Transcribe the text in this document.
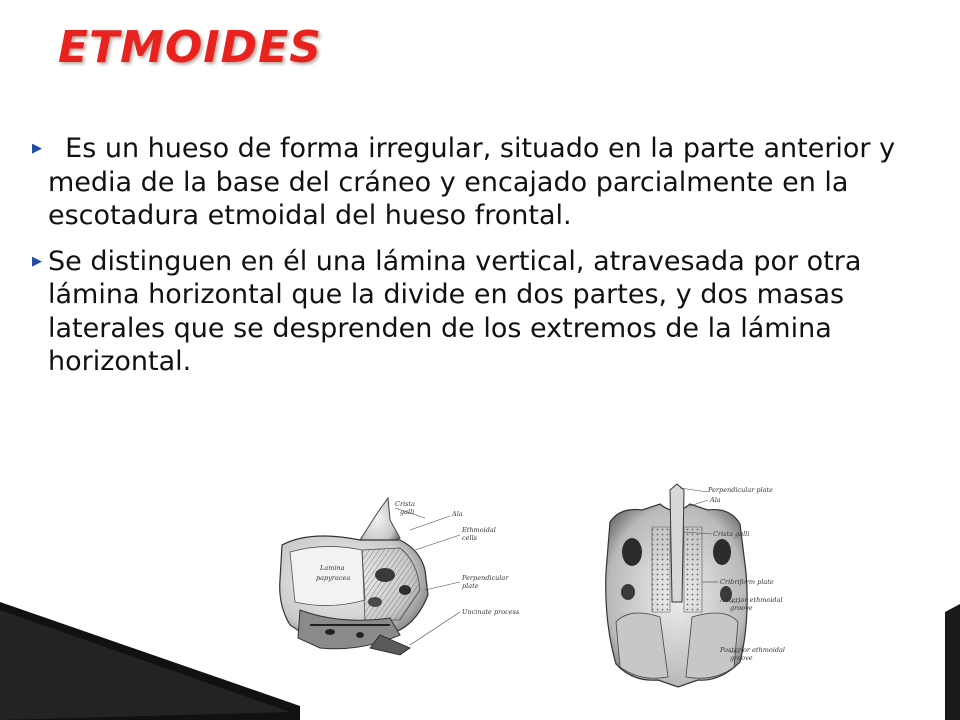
ETMOIDES
▶ Es un hueso de forma irregular, situado en la parte anterior y media de la base del cráneo y encajado parcialmente en la escotadura etmoidal del hueso frontal.
▶ Se distinguen en él una lámina vertical, atravesada por otra lámina horizontal que la divide en dos partes, y dos masas laterales que se desprenden de los extremos de la lámina horizontal.
Lamina
papyracea
Crista
galli	Ala
Ethmoidal
cells
Perpendicular
plate
Uncinate process
Perpendicular plate
Ala
Crista galli
Cribriform plate
Anterior ethmoidal
groove
Posterior ethmoidal
groove
